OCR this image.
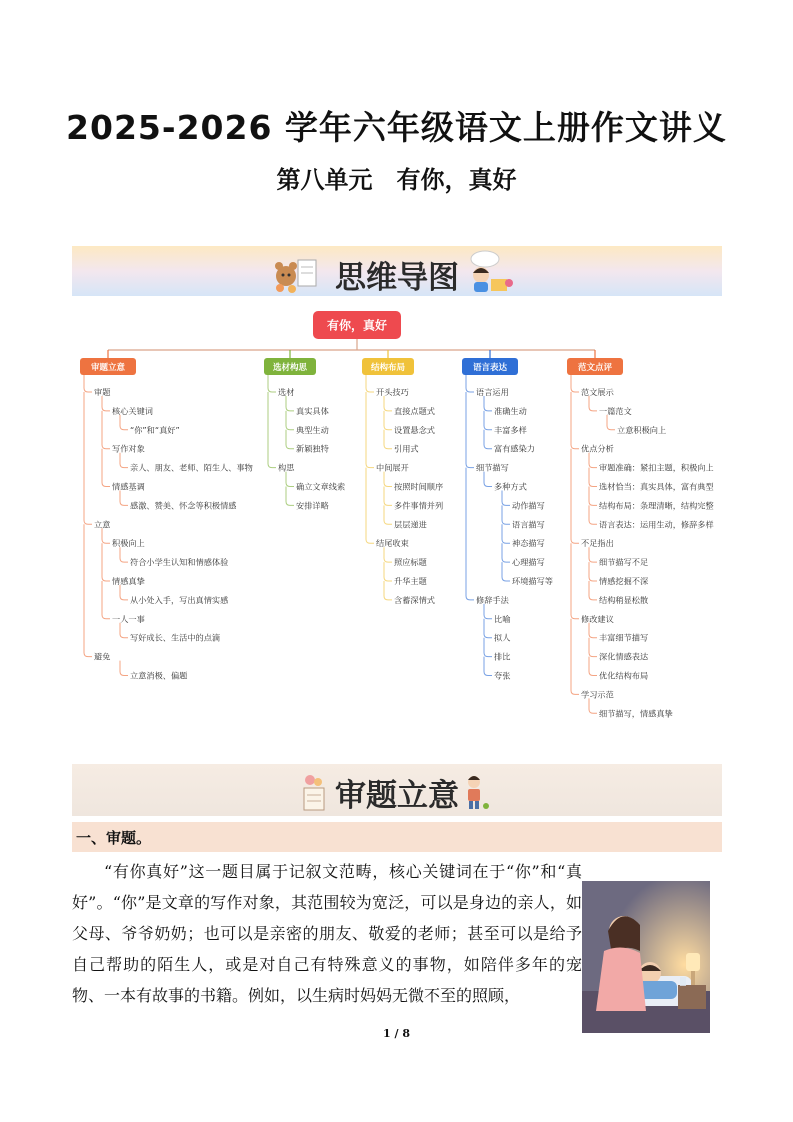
2025-2026 学年六年级语文上册作文讲义
第八单元　有你，真好
思维导图
有你，真好
审题立意
审题
核心关键词
“你”和“真好”
写作对象
亲人、朋友、老师、陌生人、事物
情感基调
感激、赞美、怀念等积极情感
立意
积极向上
符合小学生认知和情感体验
情感真挚
从小处入手，写出真情实感
一人一事
写好成长、生活中的点滴
避免
立意消极、偏题
选材构思
选材
真实具体
典型生动
新颖独特
构思
确立文章线索
安排详略
结构布局
开头技巧
直接点题式
设置悬念式
引用式
中间展开
按照时间顺序
多件事情并列
层层递进
结尾收束
照应标题
升华主题
含蓄深情式
语言表达
语言运用
准确生动
丰富多样
富有感染力
细节描写
多种方式
动作描写
语言描写
神态描写
心理描写
环境描写等
修辞手法
比喻
拟人
排比
夸张
范文点评
范文展示
一篇范文
立意积极向上
优点分析
审题准确：紧扣主题，积极向上
选材恰当：真实具体，富有典型
结构布局：条理清晰，结构完整
语言表达：运用生动，修辞多样
不足指出
细节描写不足
情感挖掘不深
结构稍显松散
修改建议
丰富细节描写
深化情感表达
优化结构布局
学习示范
细节描写，情感真挚
审题立意
一、审题。
“有你真好”这一题目属于记叙文范畴，核心关键词在于“你”和“真好”。“你”是文章的写作对象，其范围较为宽泛，可以是身边的亲人，如父母、爷爷奶奶；也可以是亲密的朋友、敬爱的老师；甚至可以是给予自己帮助的陌生人，或是对自己有特殊意义的事物，如陪伴多年的宠物、一本有故事的书籍。例如，以生病时妈妈无微不至的照顾，
1 / 8
